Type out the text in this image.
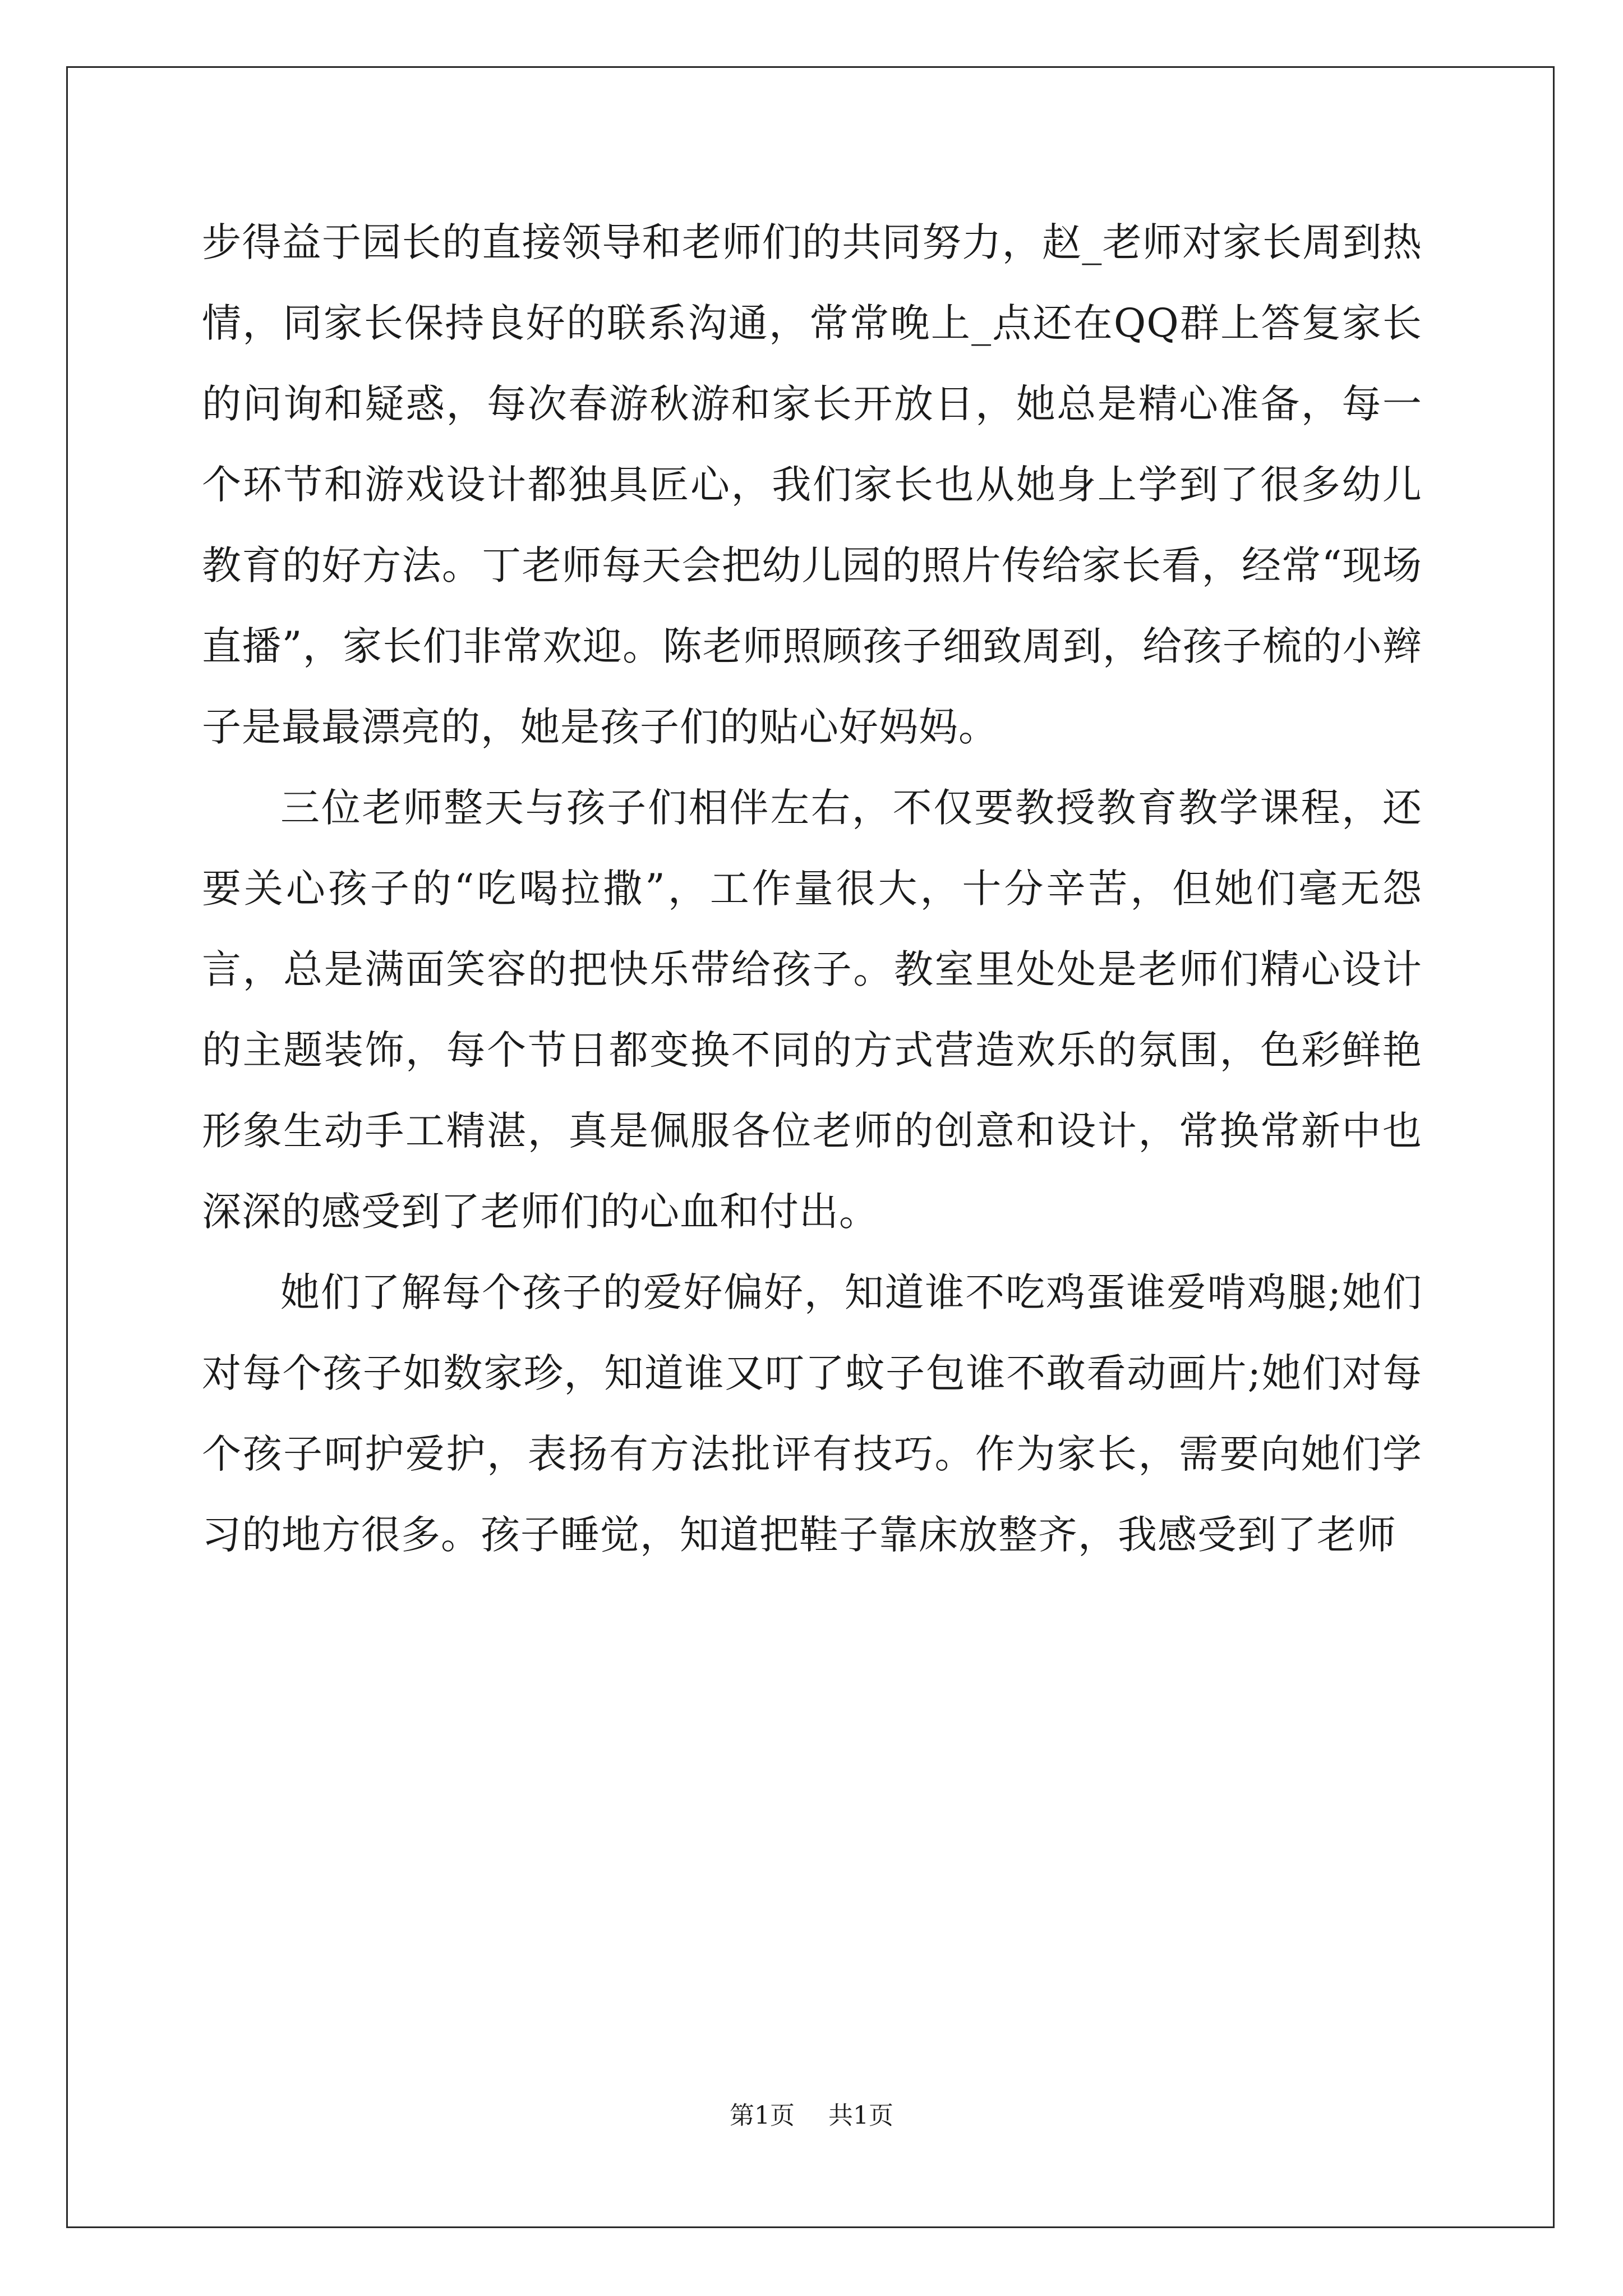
步得益于园长的直接领导和老师们的共同努力，赵_老师对家长周到热情，同家长保持良好的联系沟通，常常晚上_点还在QQ群上答复家长的问询和疑惑，每次春游秋游和家长开放日，她总是精心准备，每一个环节和游戏设计都独具匠心，我们家长也从她身上学到了很多幼儿教育的好方法。丁老师每天会把幼儿园的照片传给家长看，经常“现场直播”，家长们非常欢迎。陈老师照顾孩子细致周到，给孩子梳的小辫子是最最漂亮的，她是孩子们的贴心好妈妈。

三位老师整天与孩子们相伴左右，不仅要教授教育教学课程，还要关心孩子的“吃喝拉撒”，工作量很大，十分辛苦，但她们毫无怨言，总是满面笑容的把快乐带给孩子。教室里处处是老师们精心设计的主题装饰，每个节日都变换不同的方式营造欢乐的氛围，色彩鲜艳形象生动手工精湛，真是佩服各位老师的创意和设计，常换常新中也深深的感受到了老师们的心血和付出。

她们了解每个孩子的爱好偏好，知道谁不吃鸡蛋谁爱啃鸡腿;她们对每个孩子如数家珍，知道谁又叮了蚊子包谁不敢看动画片;她们对每个孩子呵护爱护，表扬有方法批评有技巧。作为家长，需要向她们学习的地方很多。孩子睡觉，知道把鞋子靠床放整齐，我感受到了老师

第1页 共1页
